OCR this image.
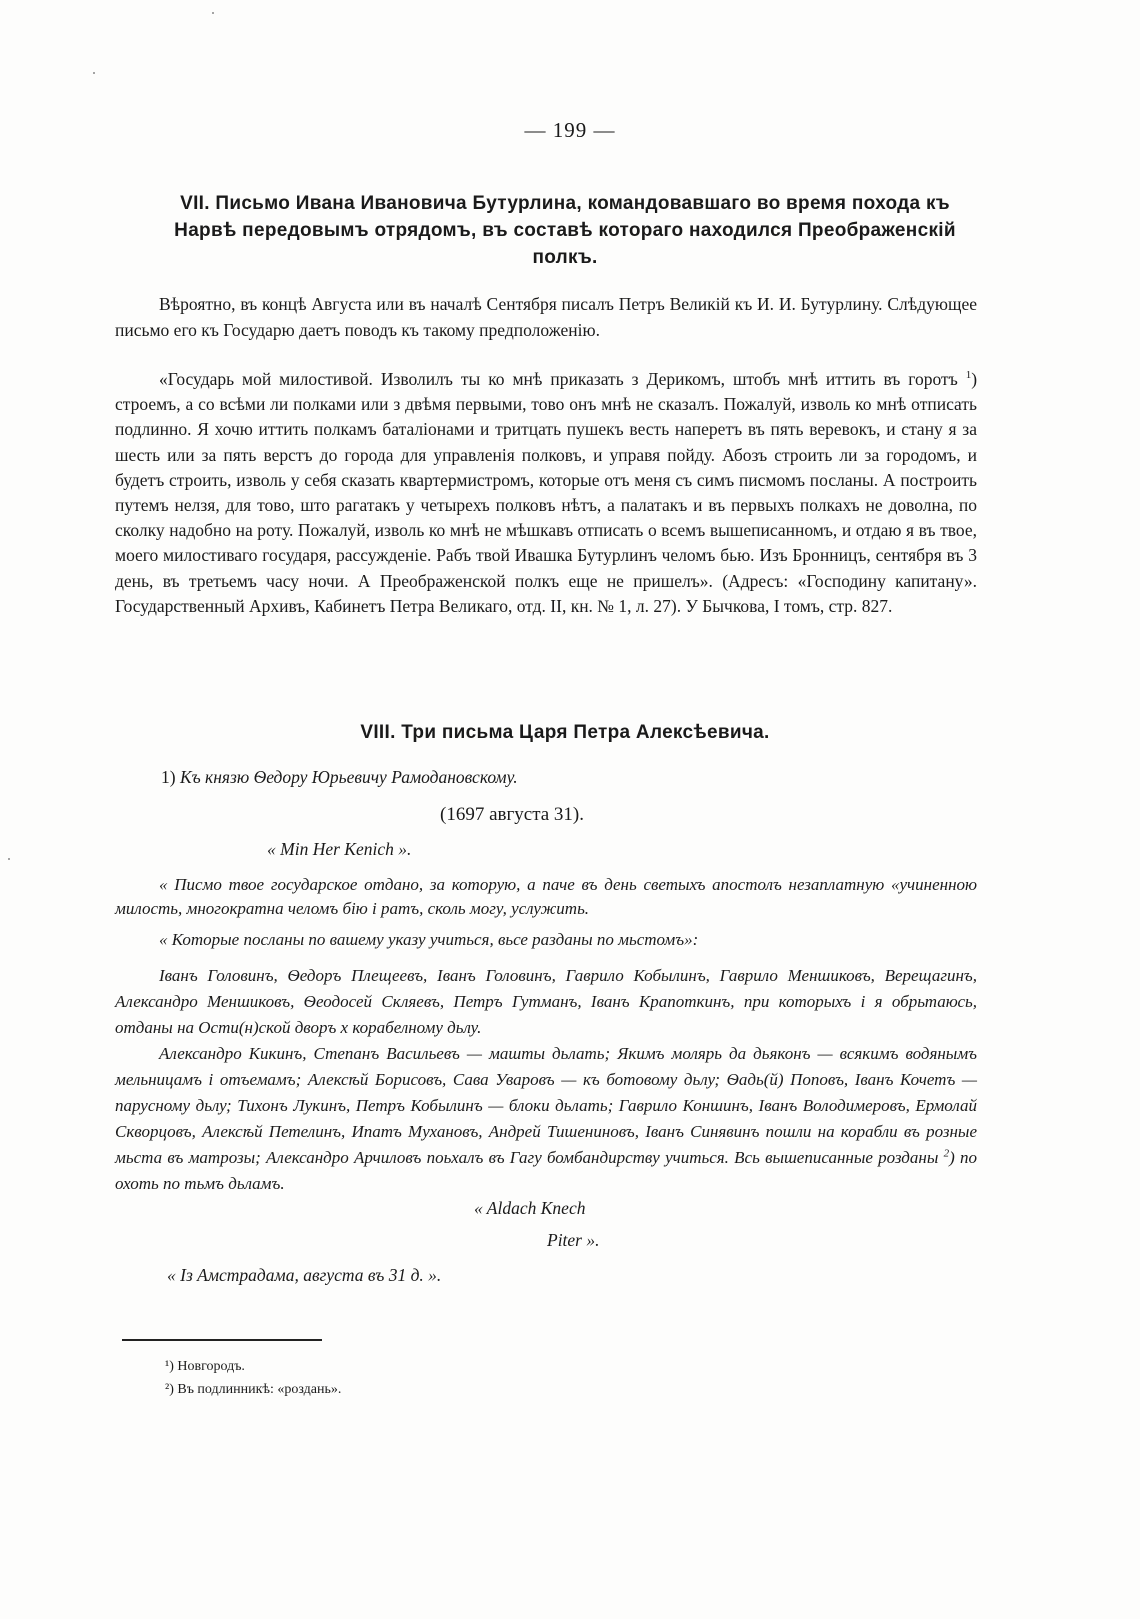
— 199 —
VII. Письмо Ивана Ивановича Бутурлина, командовавшаго во время похода къ Нарвѣ передовымъ отрядомъ, въ составѣ котораго находился Преображенскій полкъ.
Вѣроятно, въ концѣ Августа или въ началѣ Сентября писалъ Петръ Великій къ И. И. Бутурлину. Слѣдующее письмо его къ Государю даетъ поводъ къ такому предположенію.
«Государь мой милостивой. Изволилъ ты ко мнѣ приказать з Дерикомъ, штобъ мнѣ иттить въ горотъ $^1$) строемъ, а со всѣми ли полками или з двѣмя первыми, тово онъ мнѣ не сказалъ. Пожалуй, изволь ко мнѣ отписать подлинно. Я хочю иттить полкамъ баталіонами и тритцать пушекъ весть наперетъ въ пять веревокъ, и стану я за шесть или за пять верстъ до города для управленія полковъ, и управя пойду. Абозъ строить ли за городомъ, и будетъ строить, изволь у себя сказать квартермистромъ, которые отъ меня съ симъ писмомъ посланы. А построить путемъ нелзя, для тово, што рагатакъ у четырехъ полковъ нѣтъ, а палатакъ и въ первыхъ полкахъ не доволна, по сколку надобно на роту. Пожалуй, изволь ко мнѣ не мѣшкавъ отписать о всемъ вышеписанномъ, и отдаю я въ твое, моего милостиваго государя, рассужденіе. Рабъ твой Ивашка Бутурлинъ челомъ бью. Изъ Бронницъ, сентября въ 3 день, въ третьемъ часу ночи. А Преображенской полкъ еще не пришелъ». (Адресъ: «Господину капитану». Государственный Архивъ, Кабинетъ Петра Великаго, отд. II, кн. № 1, л. 27). У Бычкова, I томъ, стр. 827.
VIII. Три письма Царя Петра Алексѣевича.
1) Къ князю Ѳедору Юрьевичу Рамодановскому.
(1697 августа 31).
« Min Her Kenich ».
« Писмо твое государское отдано, за которую, а паче въ день светыхъ апостолъ незаплатную «учиненною милость, многократна челомъ бію і ратъ, сколь могу, услужить.
« Которые посланы по вашему указу учиться, вьсе разданы по мьстомъ»:
Іванъ Головинъ, Ѳедоръ Плещеевъ, Іванъ Головинъ, Гаврило Кобылинъ, Гаврило Меншиковъ, Верещагинъ, Александро Меншиковъ, Ѳеодосей Скляевъ, Петръ Гутманъ, Іванъ Крапоткинъ, при которыхъ і я обрьтаюсь, отданы на Ости(н)ской дворъ х корабелному дьлу.
Александро Кикинъ, Степанъ Васильевъ — машты дьлать; Якимъ молярь да дьяконъ — всякимъ водянымъ мельницамъ і отъемамъ; Алексѣй Борисовъ, Сава Уваровъ — къ ботовому дьлу; Ѳадь(й) Поповъ, Іванъ Кочетъ — парусному дьлу; Тихонъ Лукинъ, Петръ Кобылинъ — блоки дьлать; Гаврило Коншинъ, Іванъ Володимеровъ, Ермолай Скворцовъ, Алексѣй Петелинъ, Ипатъ Мухановъ, Андрей Тишениновъ, Іванъ Синявинъ пошли на корабли въ розные мьста въ матрозы; Александро Арчиловъ поьхалъ въ Гагу бомбандирству учиться. Всь вышеписанные розданы $^2$) по охоть по тьмъ дьламъ.
« Aldach Knech
Piter ».
« Із Амстрадама, августа въ 31 д. ».
¹) Новгородъ.
²) Въ подлинникѣ: «роздань».
